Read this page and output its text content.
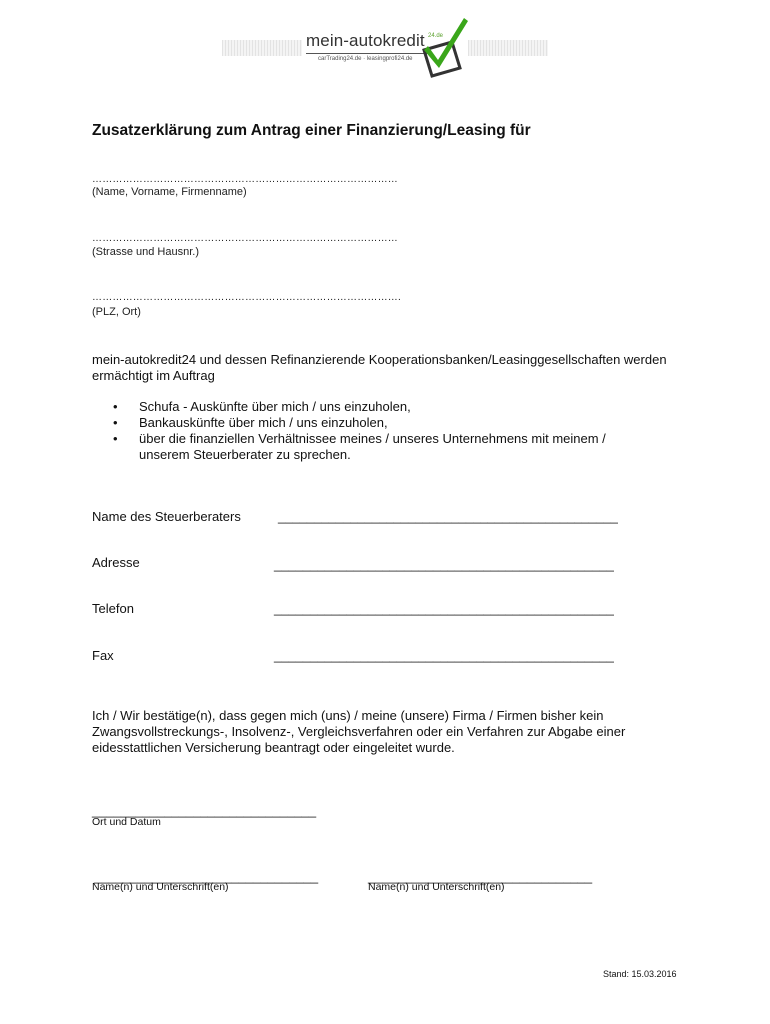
mein-autokredit 24.de
carTrading24.de · leasingprofi24.de
Zusatzerklärung zum Antrag einer Finanzierung/Leasing für
………………………………………………………………………………
(Name, Vorname, Firmenname)
………………………………………………………………………………
(Strasse und Hausnr.)
……………………………………………………………………………….
(PLZ, Ort)
mein-autokredit24 und dessen Refinanzierende Kooperationsbanken/Leasinggesellschaften werden ermächtigt im Auftrag
• Schufa - Auskünfte über mich / uns einzuholen,
• Bankauskünfte über mich / uns einzuholen,
• über die finanziellen Verhältnissee meines / unseres Unternehmens mit meinem / unserem Steuerberater zu sprechen.
Name des Steuerberaters	_______________________________________________
Adresse	_______________________________________________
Telefon	_______________________________________________
Fax	_______________________________________________
Ich / Wir bestätige(n), dass gegen mich (uns) / meine (unsere) Firma / Firmen bisher kein Zwangsvollstreckungs-, Insolvenz-, Vergleichsverfahren oder ein Verfahren zur Abgabe einer eidesstattlichen Versicherung beantragt oder eingeleitet wurde.
_______________________________
Ort und Datum
_______________________________
Name(n) und Unterschrift(en)
_______________________________
Name(n) und Unterschrift(en)
Stand: 15.03.2016
